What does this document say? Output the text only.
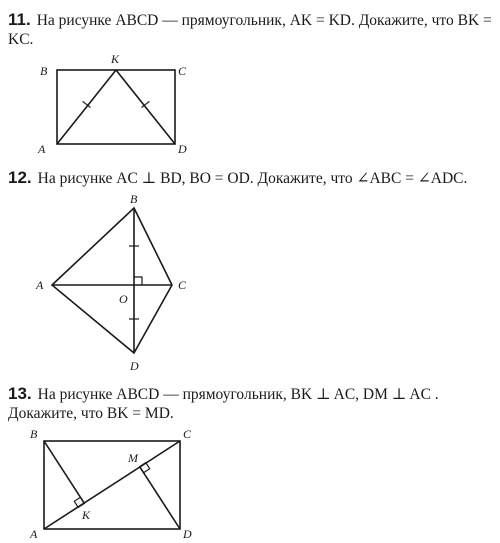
11. На рисунке ABCD — прямоугольник, AK = KD. Докажите, что BK = KC.
B
K
C
A	D
12. На рисунке AC ⊥ BD, BO = OD. Докажите, что ∠ABC = ∠ADC.
B
A	C
O
D
13. На рисунке ABCD — прямоугольник, BK ⊥ AC, DM ⊥ AC . Докажите, что BK = MD.
B	C
A	D
K
M
